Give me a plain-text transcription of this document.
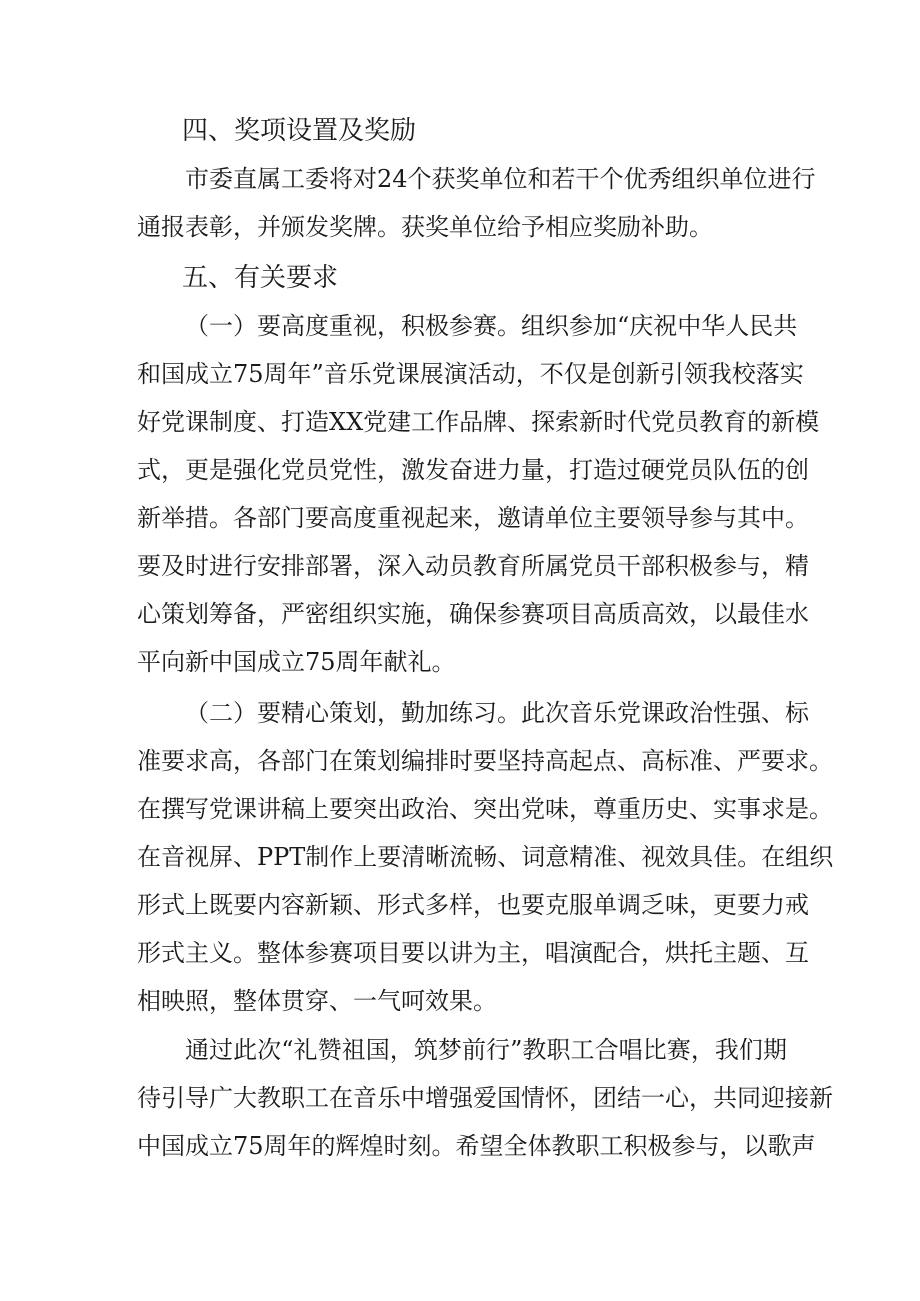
四、奖项设置及奖励
市委直属工委将对24个获奖单位和若干个优秀组织单位进行
通报表彰，并颁发奖牌。获奖单位给予相应奖励补助。
五、有关要求
（一）要高度重视，积极参赛。组织参加“庆祝中华人民共
和国成立75周年”音乐党课展演活动，不仅是创新引领我校落实
好党课制度、打造XX党建工作品牌、探索新时代党员教育的新模
式，更是强化党员党性，激发奋进力量，打造过硬党员队伍的创
新举措。各部门要高度重视起来，邀请单位主要领导参与其中。
要及时进行安排部署，深入动员教育所属党员干部积极参与，精
心策划筹备，严密组织实施，确保参赛项目高质高效，以最佳水
平向新中国成立75周年献礼。
（二）要精心策划，勤加练习。此次音乐党课政治性强、标
准要求高，各部门在策划编排时要坚持高起点、高标准、严要求。
在撰写党课讲稿上要突出政治、突出党味，尊重历史、实事求是。
在音视屏、PPT制作上要清晰流畅、词意精准、视效具佳。在组织
形式上既要内容新颖、形式多样，也要克服单调乏味，更要力戒
形式主义。整体参赛项目要以讲为主，唱演配合，烘托主题、互
相映照，整体贯穿、一气呵效果。
通过此次“礼赞祖国，筑梦前行”教职工合唱比赛，我们期
待引导广大教职工在音乐中增强爱国情怀，团结一心，共同迎接新
中国成立75周年的辉煌时刻。希望全体教职工积极参与，以歌声
